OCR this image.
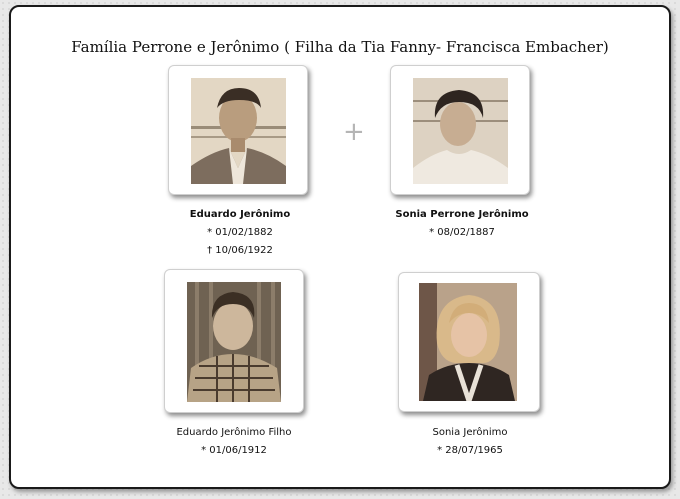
Família Perrone e Jerônimo ( Filha da Tia Fanny- Francisca Embacher)
+
Eduardo Jerônimo
* 01/02/1882
† 10/06/1922
Sonia Perrone Jerônimo
* 08/02/1887
Eduardo Jerônimo Filho
* 01/06/1912
Sonia Jerônimo
* 28/07/1965
